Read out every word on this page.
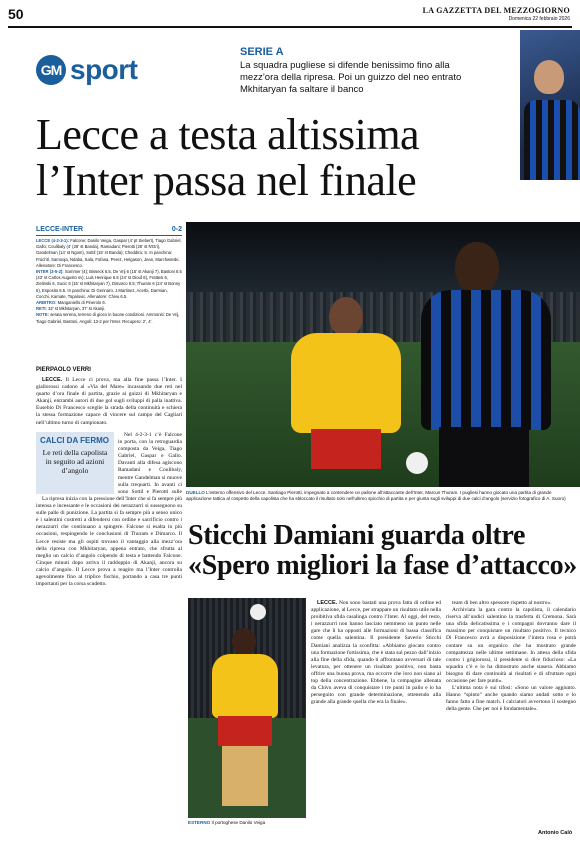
50	LA GAZZETTA DEL MEZZOGIORNO
Domenica 22 febbraio 2026
GM sport
SERIE A
La squadra pugliese si difende benissimo fino alla mezz’ora della ripresa. Poi un guizzo del neo entrato Mkhitaryan fa saltare il banco
Lecce a testa altissima
l’Inter passa nel finale
LECCE-INTER	0-2
LECCE (4-2-3-1): Falcone; Danilo Veiga, Gaspar (4' pt Siebert), Tiago Gabriel, Gallo; Coulibaly (4' (28' st Banda), Ramadani; Pierotti (26' st N'Dri), Gandelman (14' st Ngom), Sottil (15' st Banda); Cheddira; S. In panchina: Frúchtl, Samooja, Ndaba, Sala, Fofana, Perez, Helgason, Jean, Marchwinski. Allenatore: Di Francesco.
INTER (3-5-2): Sommer (4); Bisseck 6.5, De Vrij 6 (15' st Akanji 7), Bastoni 6.5 (43' st Carlos Augusto sv); Luis Henrique 6.5 (24' st Diouf 6), Frattesi 6, Zielinski 6, Sucic 6 (15' st Mkhitaryan 7), Dimarco 6.5; Thuram 6 (24' st Bonny 5), Esposito 6.5. In panchina: Di Gennaro, J.Martinez, Acerbi, Darmian, Cocchi, Kamate, Topalovic. Allenatore: Chivu 6.5.
ARBITRO: Manganiello di Pinerolo 6.
RETI: 32' st Mkhitaryan, 37' st Akanji.
NOTE: serata serena, terreno di gioco in buone condizioni. Ammoniti: De Vrij, Tiago Gabriel, Bastoni, Angoli: 13-2 per l'Inter. Recupero: 2', 4'.
PIERPAOLO VERRI

LECCE. Il Lecce ci prova, ma alla fine passa l’Inter. I giallorossi cadono al «Via del Mare» incassando due reti nel quarto d’ora finale di partita, grazie ai guizzi di Mkhitaryan e Akanji, entrambi autori di due gol sugli sviluppi di palla inattiva. Eusebio Di Francesco sceglie la strada della continuità e schiera la stessa formazione capace di vincere sul campo del Cagliari nell’ultimo turno di campionato.

CALCI DA FERMO
Le reti della capolista in seguito ad azioni d’angolo

Nel 4-2-3-1 c’è Falcone in porta, con la retroguardia composta da Veiga, Tiago Gabriel, Gaspar e Gallo. Davanti alla difesa agiscono Ramadani e Coulibaly, mentre Gandelman si muove sulla trequarti. In avanti ci sono Sottil e Pierotti sulle

La ripresa inizia con la pressione dell’Inter che si fa sempre più intensa e incessante e le occasioni dei nerazzurri si susseguono su sulle palle di punizione. La partita si fa sempre più a senso unico e i salentini costretti a difendersi con ordine e sacrificio contro i nerazzurri che continuano a spingere. Falcone si esalta in più occasioni, respingendo le conclusioni di Thuram e Dimarco. Il Lecce resiste ma gli ospiti trovano il vantaggio alla mezz’ora della ripresa con Mkhitaryan, appena entrato, che sfrutta al meglio un calcio d’angolo colpendo di testa e battendo Falcone. Cinque minuti dopo arriva il raddoppio di Akanji, ancora su calcio d’angolo. Il Lecce prova a reagire ma l’Inter controlla agevolmente fino al triplice fischio, portando a casa tre punti importanti per la corsa scudetto.

DUELLO L’esterno offensivo del Lecce, Santiago Pierotti, impegnato a contendere un pallone all’attaccante dell’Inter, Marcus Thuram. I pugliesi hanno giocato una partita di grande applicazione tattica al cospetto della capolista che ha sbloccato il risultato solo nell’ultimo spicchio di partita e per giunta sugli sviluppi di due calci d’angolo (servizio fotografico di A. Suoro)
Sticchi Damiani guarda oltre
«Spero migliori la fase d’attacco»
ESTERNO Il portoghese Danilo Veiga

LECCE. Non sono bastati una prova fatta di ordine ed applicazione, al Lecce, per strappare un risultato utile nella proibitiva sfida casalinga contro l’Inter. Al oggi, del resto, i nerazzurri non hanno lasciato nemmeno un punto nelle gare che li ha opposti alle formazioni di bassa classifica come quella salentina. Il presidente Saverio Sticchi Damiani analizza la sconfitta: «Abbiamo giocato contro una formazione fortissima, che è stata sul pezzo dall’inizio alla fine della sfida, quando ti affrontano avversari di tale levatura, per ottenere un risultato positivo, non basta offrire una buona prova, ma occorre che loro non siano al top della concentrazione. Ebbene, la compagine allenata da Chivu aveva di conquistare i tre punti in palio e lo ha perseguito con grande determinazione, ottenendo alla grande alla grande quella che era la finale».

team di ben altro spessore rispetto al nostro».

Archiviata la gara contro la capolista, il calendario riserva all’undici salentino la trasferta di Cremona. Sarà una sfida delicatissima e i compagni dovranno dare il massimo per conquistare un risultato positivo. Il tecnico Di Francesco avrà a disposizione l’intera rosa e potrà contare su un organico che ha mostrato grande compattezza nelle ultime settimane. In attesa della sfida contro i grigiorossi, il presidente si dice fiducioso: «La squadra c’è e lo ha dimostrato anche stasera. Abbiamo bisogno di dare continuità ai risultati e di sfruttare ogni occasione per fare punti».

L’ultima nota è sui tifosi: «Sono un valore aggiunto. Hanno “spinto” anche quando siamo andati sotto e lo fanno fatto a fine match. I calciatori avvertono il sostegno della gente. Che per noi è fondamentale».

Antonio Calò
